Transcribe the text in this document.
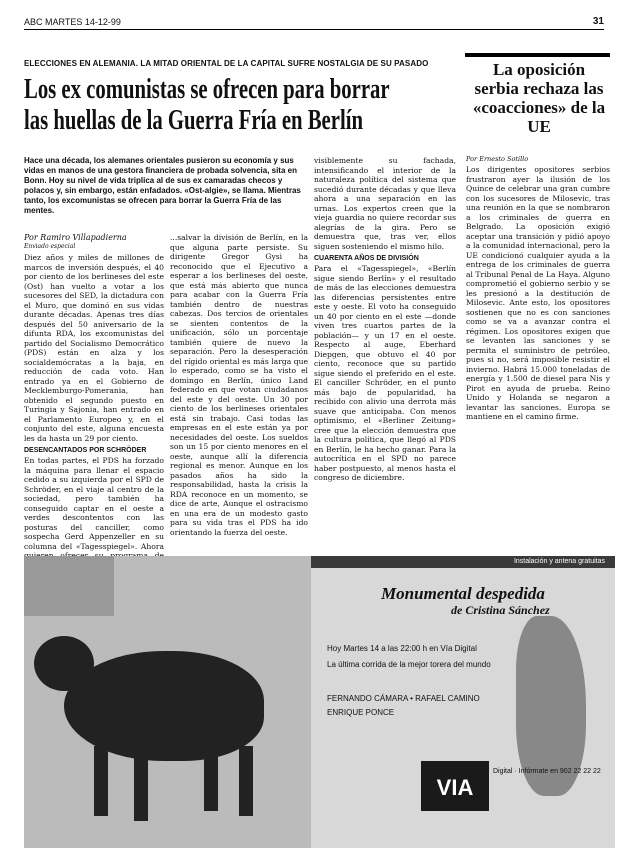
ABC MARTES 14-12-99	31
ELECCIONES EN ALEMANIA. LA MITAD ORIENTAL DE LA CAPITAL SUFRE NOSTALGIA DE SU PASADO
Los ex comunistas se ofrecen para borrar
las huellas de la Guerra Fría en Berlín
Hace una década, los alemanes orientales pusieron su economía y sus vidas en manos de una gestora financiera de probada solvencia, sita en Bonn. Hoy su nivel de vida triplica al de sus ex camaradas checos y polacos y, sin embargo, están enfadados. «Ost-algie», se llama. Mientras tanto, los excomunistas se ofrecen para borrar la Guerra Fría de las mentes.
Por Ramiro Villapadierna
Enviado especial

Diez años y miles de millones de marcos de inversión después, el 40 por ciento de los berlineses del este (Ost) han vuelto a votar a los sucesores del SED, la dictadura con el Muro, que dominó en sus vidas durante décadas. Apenas tres días después del 50 aniversario de la difunta RDA, los excomunistas del partido del Socialismo Democrático (PDS) están en alza y los socialdemócratas a la baja, en reducción de cada voto. Han entrado ya en el Gobierno de Mecklemburgo-Pomerania, han obtenido el segundo puesto en Turingia y Sajonia, han entrado en el Parlamento Europeo y, en el conjunto del este, alguna encuesta les da hasta un 29 por ciento.

DESENCANTADOS POR SCHRÖDER

En todas partes, el PDS ha forzado la máquina para llenar el espacio cedido a su izquierda por el SPD de Schröder, en el viaje al centro de la sociedad, pero también ha conseguido captar en el oeste a verdes descontentos con las posturas del canciller, como sospecha Gerd Appenzeller en su columna del «Tagesspiegel». Ahora

...salvar la división de Berlín, en la que alguna parte persiste. Su dirigente Gregor Gysi ha reconocido que el Ejecutivo a esperar a los berlineses del oeste, que está más abierto que nunca para acabar con la Guerra Fría también dentro de nuestras cabezas. Dos tercios de orientales se sienten contentos de la unificación, sólo un porcentaje también quiere de nuevo la separación. Pero la desesperación del rígido oriental es más larga que lo esperado, como se ha visto el domingo en Berlín, único Land federado en que votan ciudadanos del este y del oeste. Un 30 por ciento de los berlineses orientales está sin trabajo. Casi todas las empresas en el este están ya por necesidades del oeste. Los sueldos son un 15 por ciento menores en el oeste, aunque allí la diferencia regional es menor. Aunque en los pasados años ha sido la responsabilidad, hasta la crisis la RDA reconoce en un momento, se dice de arte, Aunque el ostracismo en una era de un modesto gasto para su vida tras el PDS ha ido orientando la fuerza del oeste.

visiblemente su fachada, intensificando el interior de la naturaleza política del sistema que sucedió durante décadas y que lleva ahora a una separación en las urnas. Los expertos creen que la vieja guardia no quiere recordar sus alegrías de la gira. Pero se demuestra que, tras ver, ellos siguen sosteniendo el mismo hilo.

CUARENTA AÑOS DE DIVISIÓN

Para el «Tagesspiegel», «Berlín sigue siendo Berlín» y el resultado de más de las elecciones demuestra las diferencias persistentes entre este y oeste. El voto ha conseguido un 40 por ciento en el este —donde viven tres cuartos partes de la población— y un 17 en el oeste. Respecto al auge, Eberhard Diepgen, que obtuvo el 40 por ciento, reconoce que su partido sigue siendo el preferido en el este. El canciller Schröder, en el punto más bajo de popularidad, ha recibido con alivio una derrota más suave que anticipaba. Con menos optimismo, el «Berliner Zeitung» cree que la elección demuestra que la cultura política, que llegó al PDS en Berlín, le ha hecho ganar. Para la autocrítica en el SPD no parece haber postpuesto, al menos hasta el congreso de diciembre.

La oposición serbia rechaza las «coacciones» de la UE
Por Ernesto Sotillo

Los dirigentes opositores serbios frustraron ayer la ilusión de los Quince de celebrar una gran cumbre con los sucesores de Milosevic, tras una reunión en la que se nombraron a los criminales de guerra en Belgrado. La oposición exigió aceptar una transición y pidió apoyo a la comunidad internacional, pero la UE condicionó cualquier ayuda a la entrega de los criminales de guerra al Tribunal Penal de La Haya. Alguno comprometió el gobierno serbio y se les presionó a la destitución de Milosevic. Ante esto, los opositores sostienen que no es con sanciones como se va a avanzar contra el régimen. Los opositores exigen que se levanten las sanciones y se permita el suministro de petróleo, pues si no, será imposible resistir el invierno. Habrá 15.000 toneladas de energía y 1.500 de diesel para Nis y Pirot en ayuda de prueba. Reino Unido y Holanda se negaron a levantar las sanciones. Europa se mantiene en el camino firme.

Instalación y antena gratuitas
Monumental despedida
de Cristina Sánchez
Hoy Martes 14 a las 22:00 h en Vía Digital
La última corrida de la mejor torera del mundo
FERNANDO CÁMARA • RAFAEL CAMINO
ENRIQUE PONCE
VIA
Digital · Infórmate en 902 22 22 22
